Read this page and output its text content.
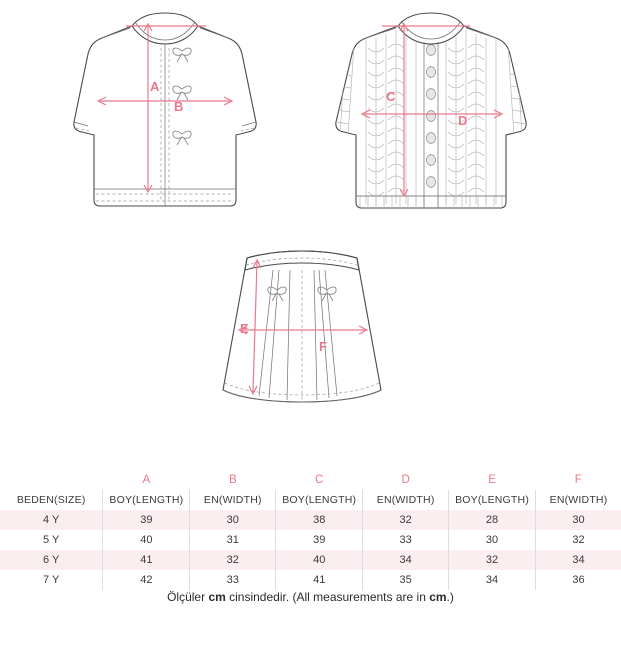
A
B
C
D
E
F
	A	B	C	D	E	F
BEDEN(SIZE)	BOY(LENGTH)	EN(WIDTH)	BOY(LENGTH)	EN(WIDTH)	BOY(LENGTH)	EN(WIDTH)
4 Y	39	30	38	32	28	30
5 Y	40	31	39	33	30	32
6 Y	41	32	40	34	32	34
7 Y	42	33	41	35	34	36
Ölçüler cm cinsindedir. (All measurements are in cm.)
